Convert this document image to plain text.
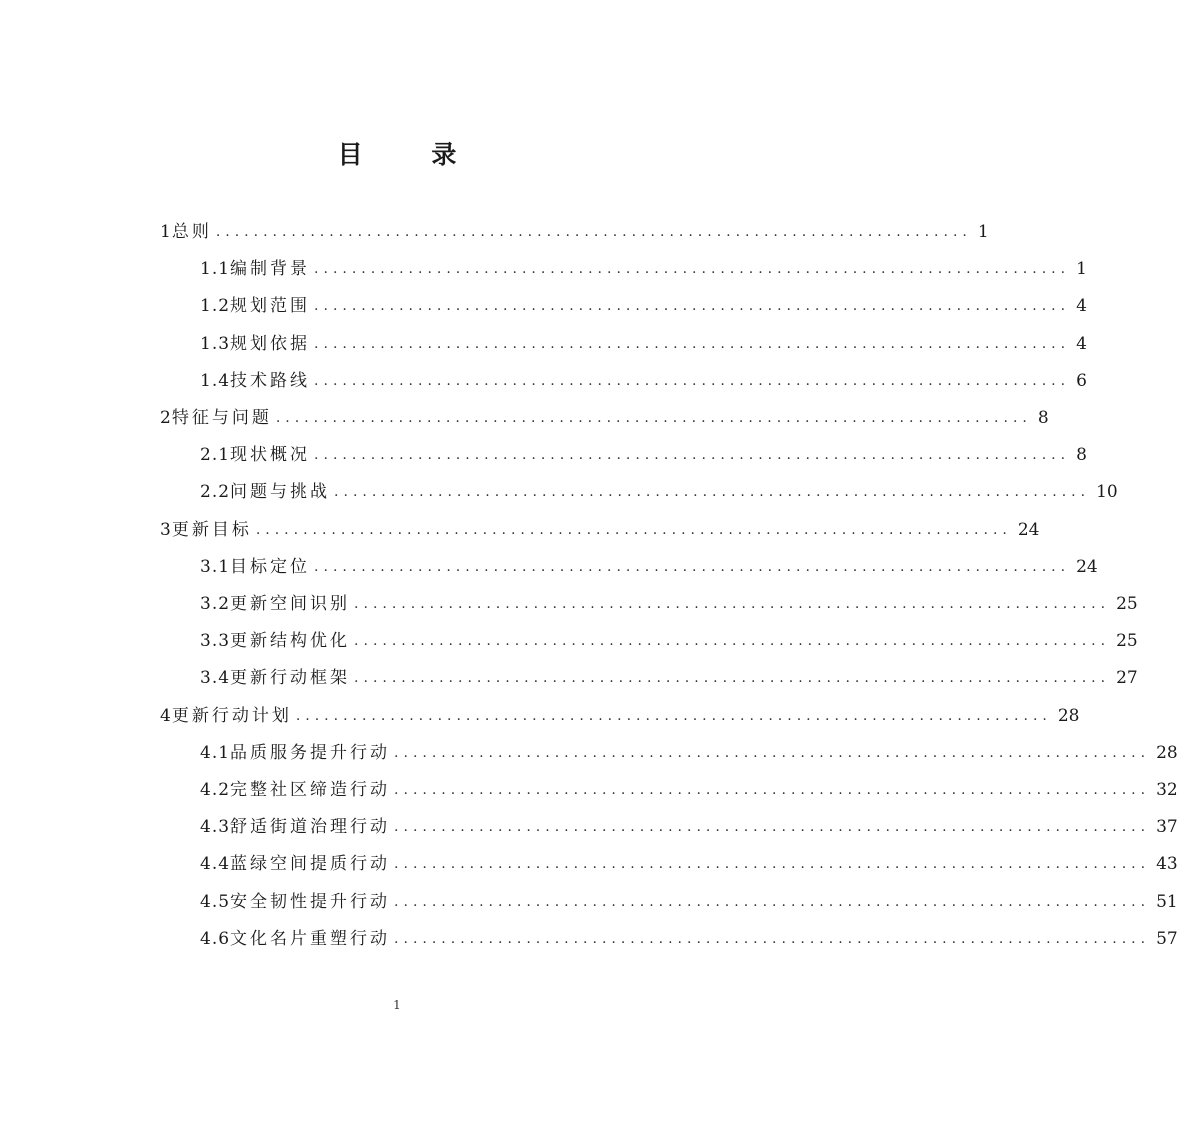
目 录
1 总则 ................................................................................ 1
1.1 编制背景 ................................................................................ 1
1.2 规划范围 ................................................................................ 4
1.3 规划依据 ................................................................................ 4
1.4 技术路线 ................................................................................ 6
2 特征与问题 ................................................................................ 8
2.1 现状概况 ................................................................................ 8
2.2 问题与挑战 ................................................................................ 10
3 更新目标 ................................................................................ 24
3.1 目标定位 ................................................................................ 24
3.2 更新空间识别 ................................................................................ 25
3.3 更新结构优化 ................................................................................ 25
3.4 更新行动框架 ................................................................................ 27
4 更新行动计划 ................................................................................ 28
4.1 品质服务提升行动 ................................................................................ 28
4.2 完整社区缔造行动 ................................................................................ 32
4.3 舒适街道治理行动 ................................................................................ 37
4.4 蓝绿空间提质行动 ................................................................................ 43
4.5 安全韧性提升行动 ................................................................................ 51
4.6 文化名片重塑行动 ................................................................................ 57
1
